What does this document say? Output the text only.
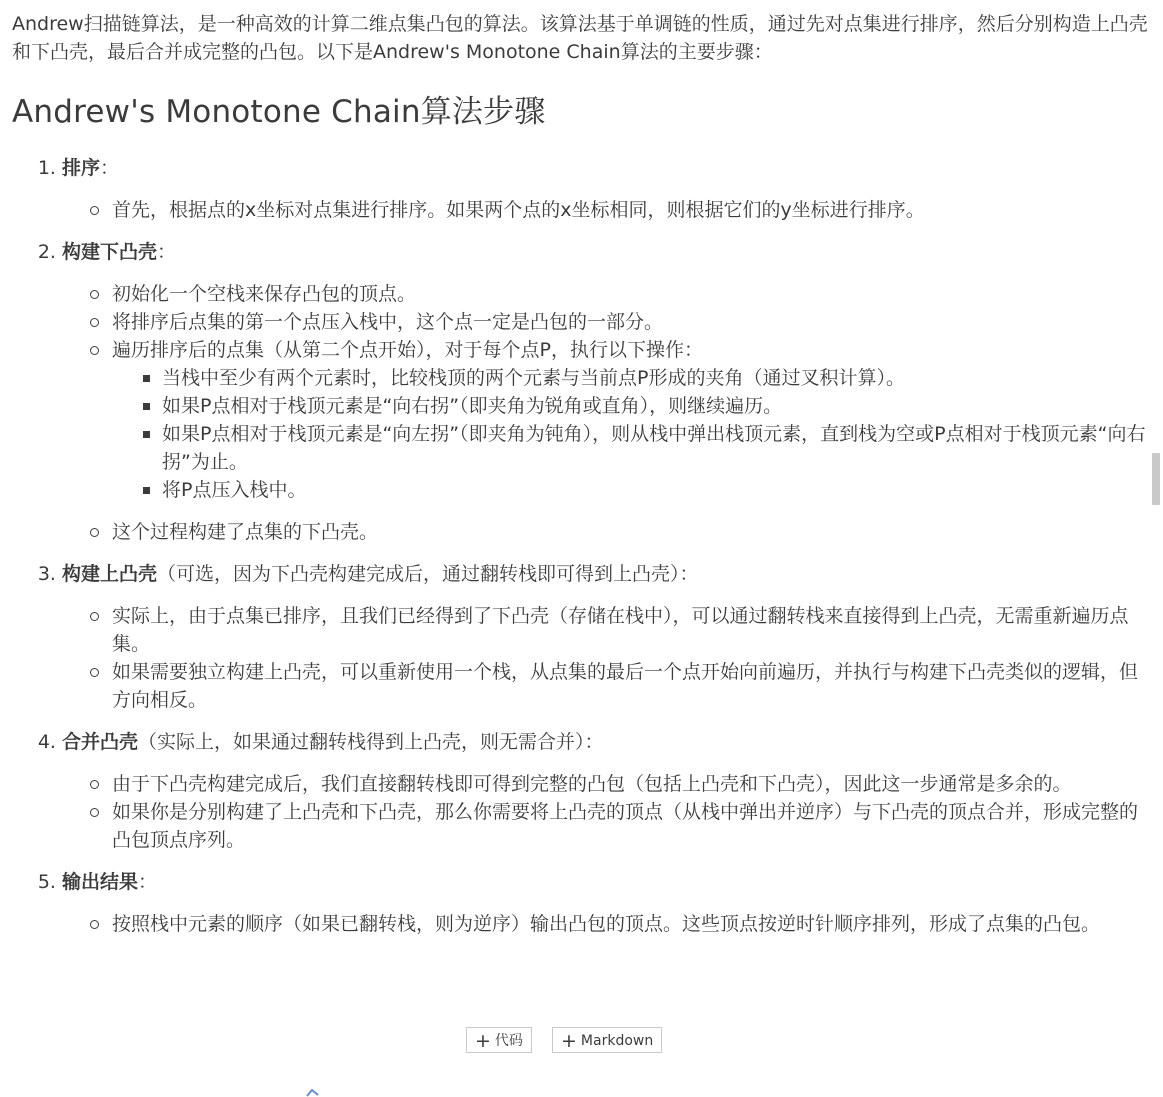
Andrew扫描链算法，是一种高效的计算二维点集凸包的算法。该算法基于单调链的性质，通过先对点集进行排序，然后分别构造上凸壳和下凸壳，最后合并成完整的凸包。以下是Andrew's Monotone Chain算法的主要步骤：

Andrew's Monotone Chain算法步骤
1. 排序：
首先，根据点的x坐标对点集进行排序。如果两个点的x坐标相同，则根据它们的y坐标进行排序。
2. 构建下凸壳：
初始化一个空栈来保存凸包的顶点。
将排序后点集的第一个点压入栈中，这个点一定是凸包的一部分。
遍历排序后的点集（从第二个点开始），对于每个点P，执行以下操作：
当栈中至少有两个元素时，比较栈顶的两个元素与当前点P形成的夹角（通过叉积计算）。
如果P点相对于栈顶元素是“向右拐”（即夹角为锐角或直角），则继续遍历。
如果P点相对于栈顶元素是“向左拐”（即夹角为钝角），则从栈中弹出栈顶元素，直到栈为空或P点相对于栈顶元素“向右拐”为止。
将P点压入栈中。
这个过程构建了点集的下凸壳。
3. 构建上凸壳（可选，因为下凸壳构建完成后，通过翻转栈即可得到上凸壳）：
实际上，由于点集已排序，且我们已经得到了下凸壳（存储在栈中），可以通过翻转栈来直接得到上凸壳，无需重新遍历点集。
如果需要独立构建上凸壳，可以重新使用一个栈，从点集的最后一个点开始向前遍历，并执行与构建下凸壳类似的逻辑，但方向相反。
4. 合并凸壳（实际上，如果通过翻转栈得到上凸壳，则无需合并）：
由于下凸壳构建完成后，我们直接翻转栈即可得到完整的凸包（包括上凸壳和下凸壳），因此这一步通常是多余的。
如果你是分别构建了上凸壳和下凸壳，那么你需要将上凸壳的顶点（从栈中弹出并逆序）与下凸壳的顶点合并，形成完整的凸包顶点序列。
5. 输出结果：
按照栈中元素的顺序（如果已翻转栈，则为逆序）输出凸包的顶点。这些顶点按逆时针顺序排列，形成了点集的凸包。
+ 代码	+ Markdown
